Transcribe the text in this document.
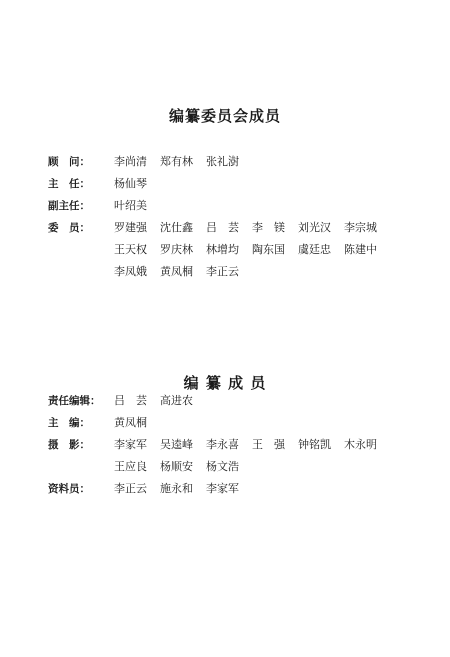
编纂委员会成员
顾　问：	李尚清 郑有林 张礼澍
主　任：	杨仙琴
副主任：	叶绍美
委　员：	罗建强 沈仕鑫 吕　芸 李　镁 刘光汉 李宗城
王天权 罗庆林 林增均 陶东国 虞廷忠 陈建中
李凤娥 黄凤桐 李正云
编 纂 成 员
责任编辑：	吕　芸 高进农
主　编：	黄凤桐
摄　影：	李家军 吴逵峰 李永喜 王　强 钟铭凯 木永明
王应良 杨顺安 杨文浩
资料员：	李正云 施永和 李家军
